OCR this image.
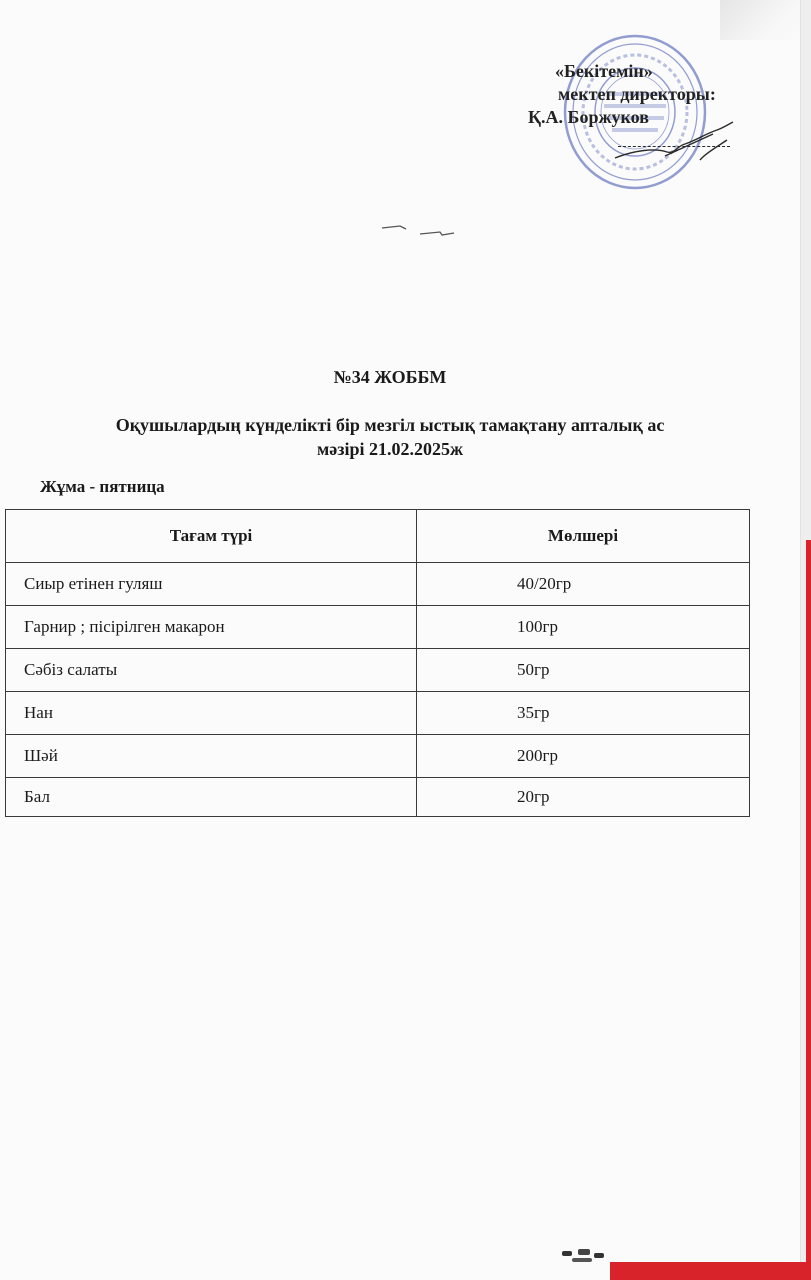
«Бекітемін»
мектеп директоры:
Қ.А. Боржуков
№34 ЖОББМ
Оқушылардың күнделікті бір мезгіл ыстық тамақтану апталық ас
мәзірі 21.02.2025ж
Жұма - пятница
Тағам түрі	Мөлшері
Сиыр етінен гуляш	40/20гр
Гарнир ; пісірілген макарон	100гр
Сәбіз салаты	50гр
Нан	35гр
Шәй	200гр
Бал	20гр
